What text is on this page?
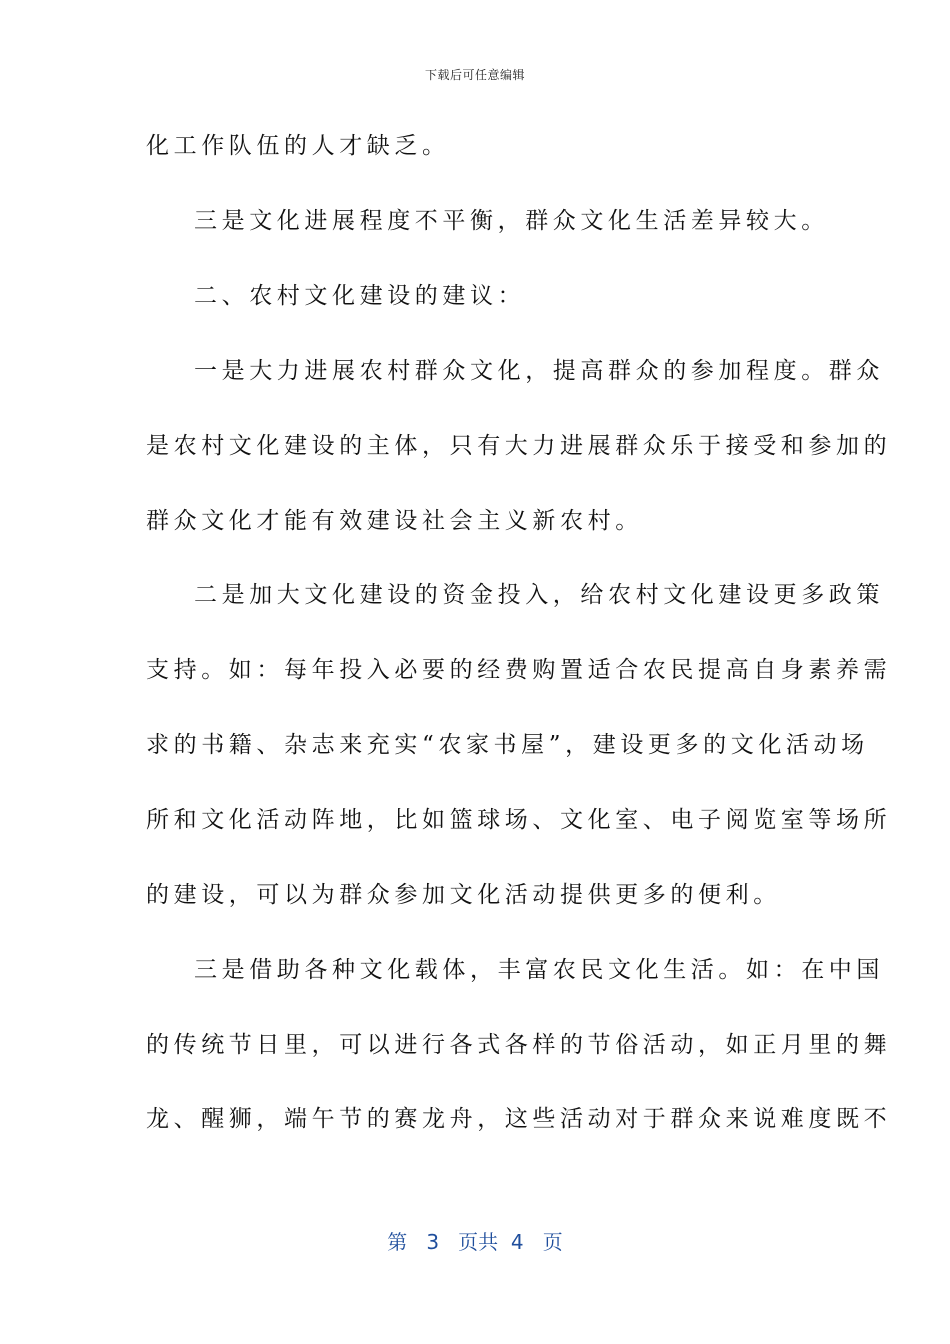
下载后可任意编辑
化工作队伍的人才缺乏。
三是文化进展程度不平衡，群众文化生活差异较大。
二、农村文化建设的建议：
一是大力进展农村群众文化，提高群众的参加程度。群众
是农村文化建设的主体，只有大力进展群众乐于接受和参加的
群众文化才能有效建设社会主义新农村。
二是加大文化建设的资金投入，给农村文化建设更多政策
支持。如：每年投入必要的经费购置适合农民提高自身素养需
求的书籍、杂志来充实“农家书屋”，建设更多的文化活动场
所和文化活动阵地，比如篮球场、文化室、电子阅览室等场所
的建设，可以为群众参加文化活动提供更多的便利。
三是借助各种文化载体，丰富农民文化生活。如：在中国
的传统节日里，可以进行各式各样的节俗活动，如正月里的舞
龙、醒狮，端午节的赛龙舟，这些活动对于群众来说难度既不
第 3 页共 4 页
